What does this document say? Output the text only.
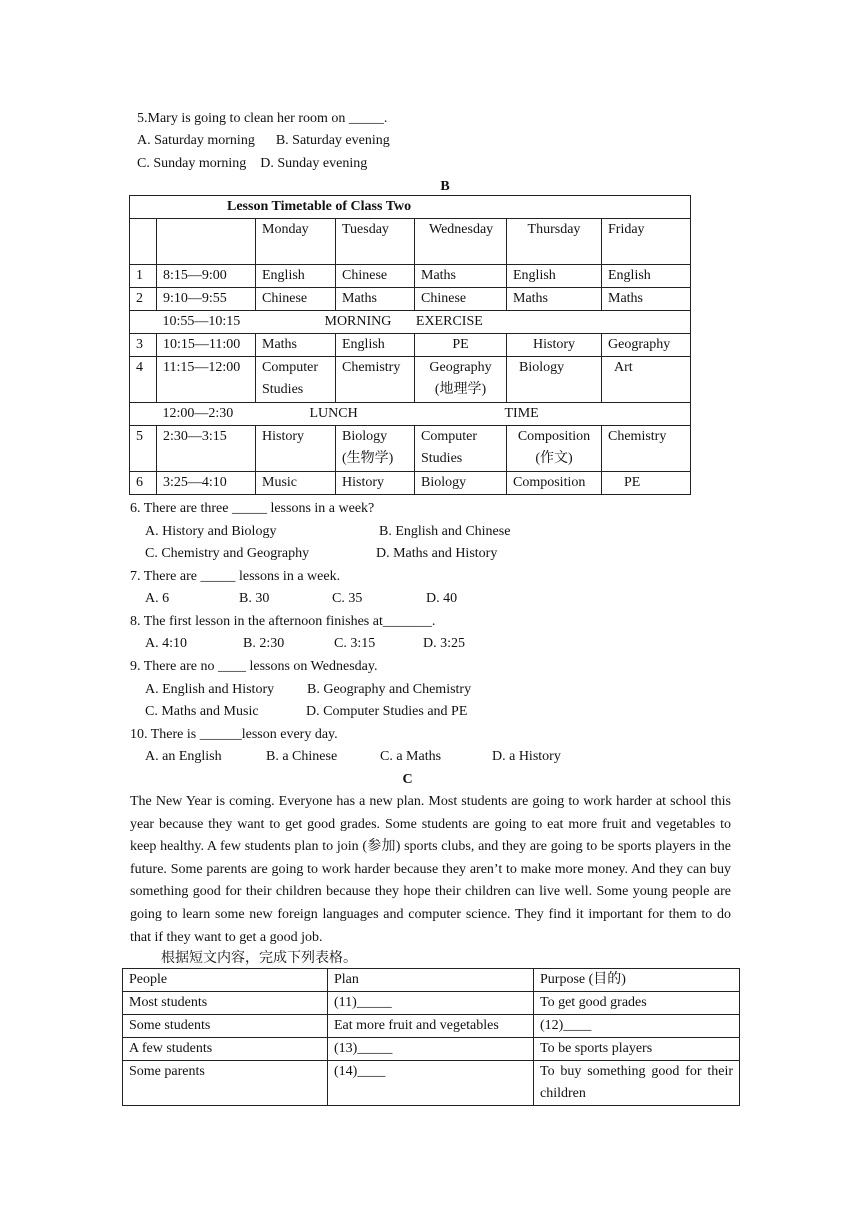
5.Mary is going to clean her room on _____.
A. Saturday morning      B. Saturday evening
C. Sunday morning    D. Sunday evening
B
Lesson Timetable of Class Two						
		Monday	Tuesday	Wednesday	Thursday	Friday
1	8:15—9:00	English	Chinese	Maths	English	English
2	9:10—9:55	Chinese	Maths	Chinese	Maths	Maths
	10:55—10:15	MORNING       EXERCISE				
3	10:15—11:00	Maths	English	PE	History	Geography
4	11:15—12:00	Computer Studies	Chemistry	Geography (地理学)	Biology	Art
	12:00—2:30	LUNCH		TIME		
5	2:30—3:15	History	Biology (生物学)	Computer Studies	Composition (作文)	Chemistry
6	3:25—4:10	Music	History	Biology	Composition	PE
6. There are three _____ lessons in a week?
A. History and Biology	B. English and Chinese
C. Chemistry and Geography	D. Maths and History
7. There are _____ lessons in a week.
A. 6	B. 30	C. 35	D. 40
8. The first lesson in the afternoon finishes at_______.
A. 4:10	B. 2:30	C. 3:15	D. 3:25
9. There are no ____ lessons on Wednesday.
A. English and History B. Geography and Chemistry
C. Maths and Music	D. Computer Studies and PE
10. There is ______lesson every day.
A. an English	B. a Chinese	C. a Maths	D. a History
C
The New Year is coming. Everyone has a new plan. Most students are going to work harder at school this year because they want to get good grades. Some students are going to eat more fruit and vegetables to keep healthy. A few students plan to join (参加) sports clubs, and they are going to be sports players in the future. Some parents are going to work harder because they aren’t to make more money. And they can buy something good for their children because they hope their children can live well. Some young people are going to learn some new foreign languages and computer science. They find it important for them to do that if they want to get a good job.
根据短文内容，完成下列表格。
People	Plan	Purpose (目的)
Most students	(11)_____	To get good grades
Some students	Eat more fruit and vegetables	(12)____
A few students	(13)_____	To be sports players
Some parents	(14)____	To buy something good for their children
